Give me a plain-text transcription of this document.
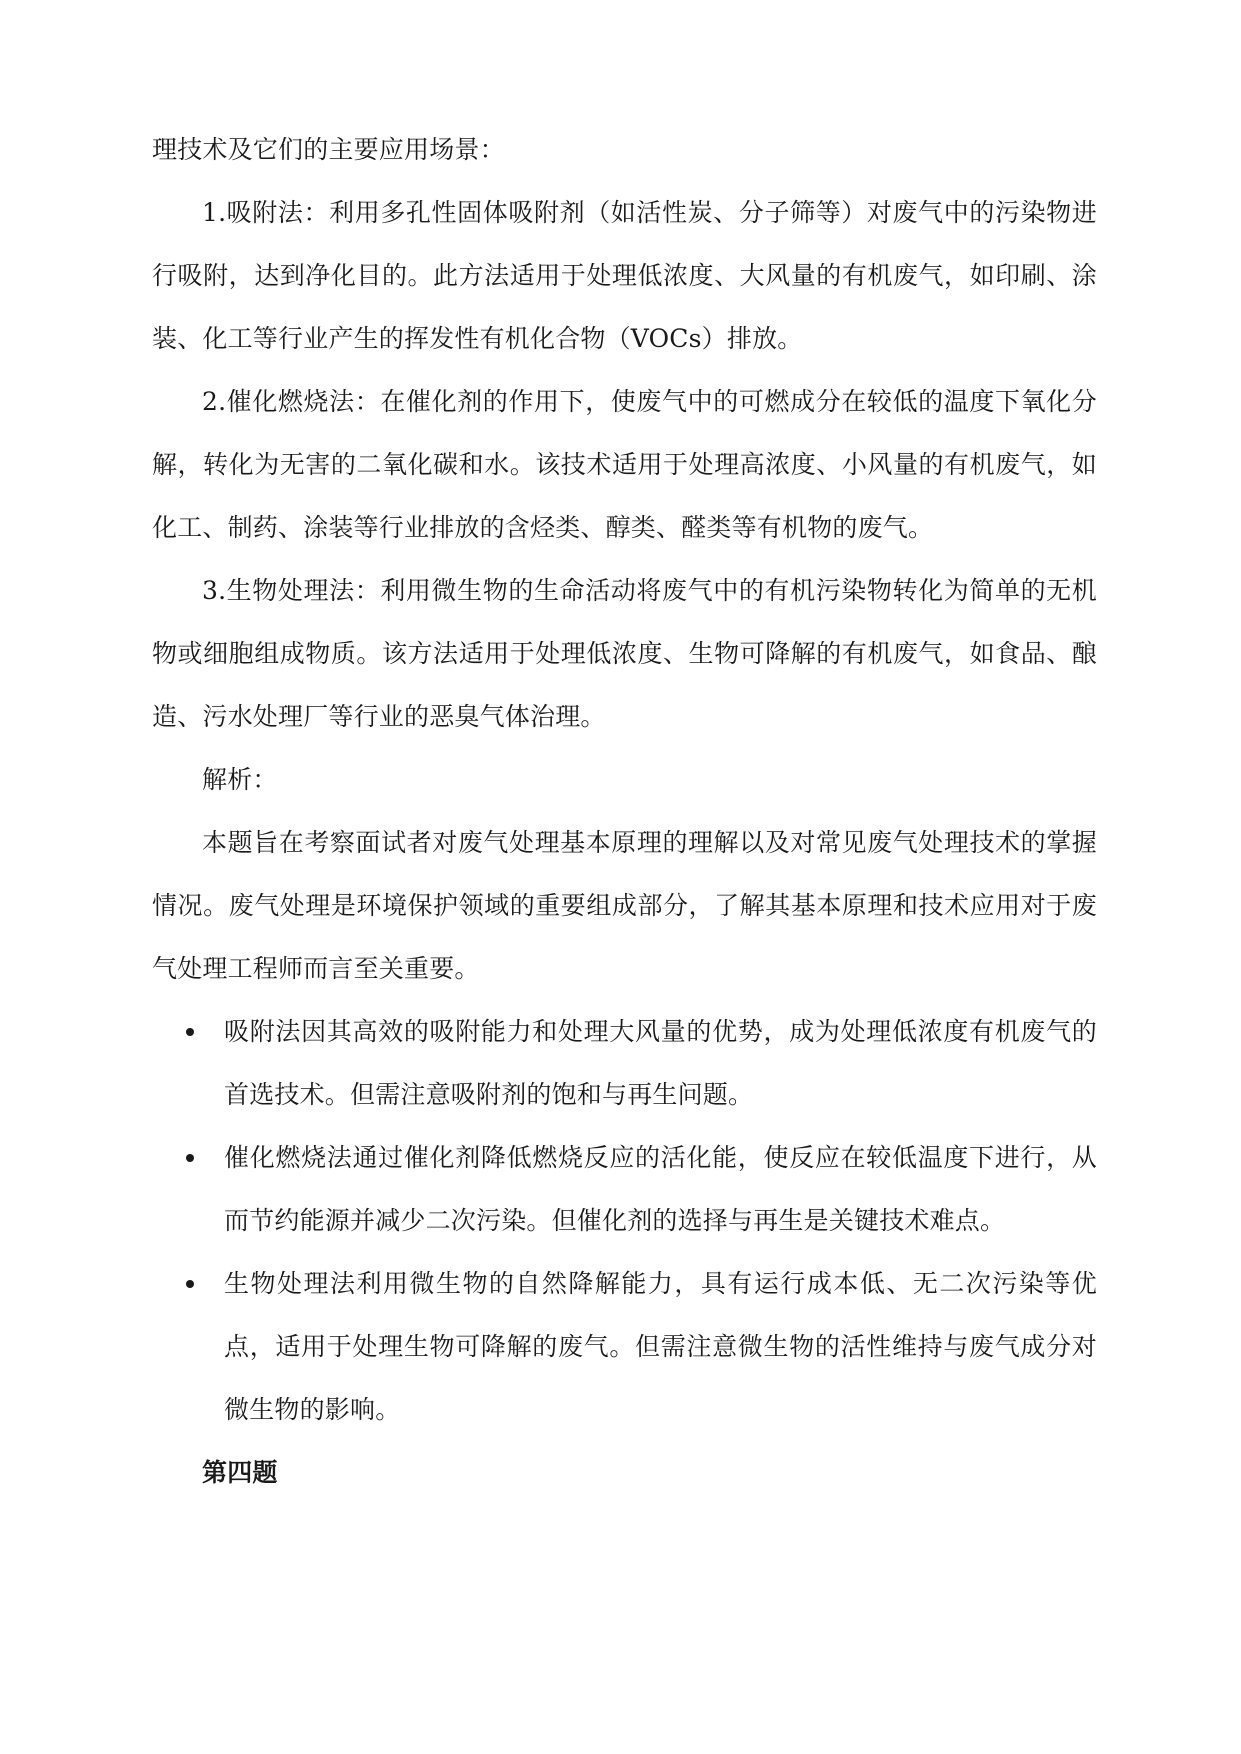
理技术及它们的主要应用场景：

1.吸附法：利用多孔性固体吸附剂（如活性炭、分子筛等）对废气中的污染物进行吸附，达到净化目的。此方法适用于处理低浓度、大风量的有机废气，如印刷、涂装、化工等行业产生的挥发性有机化合物（VOCs）排放。

2.催化燃烧法：在催化剂的作用下，使废气中的可燃成分在较低的温度下氧化分解，转化为无害的二氧化碳和水。该技术适用于处理高浓度、小风量的有机废气，如化工、制药、涂装等行业排放的含烃类、醇类、醛类等有机物的废气。

3.生物处理法：利用微生物的生命活动将废气中的有机污染物转化为简单的无机物或细胞组成物质。该方法适用于处理低浓度、生物可降解的有机废气，如食品、酿造、污水处理厂等行业的恶臭气体治理。

解析：

本题旨在考察面试者对废气处理基本原理的理解以及对常见废气处理技术的掌握情况。废气处理是环境保护领域的重要组成部分，了解其基本原理和技术应用对于废气处理工程师而言至关重要。

吸附法因其高效的吸附能力和处理大风量的优势，成为处理低浓度有机废气的首选技术。但需注意吸附剂的饱和与再生问题。
催化燃烧法通过催化剂降低燃烧反应的活化能，使反应在较低温度下进行，从而节约能源并减少二次污染。但催化剂的选择与再生是关键技术难点。
生物处理法利用微生物的自然降解能力，具有运行成本低、无二次污染等优点，适用于处理生物可降解的废气。但需注意微生物的活性维持与废气成分对微生物的影响。

第四题
